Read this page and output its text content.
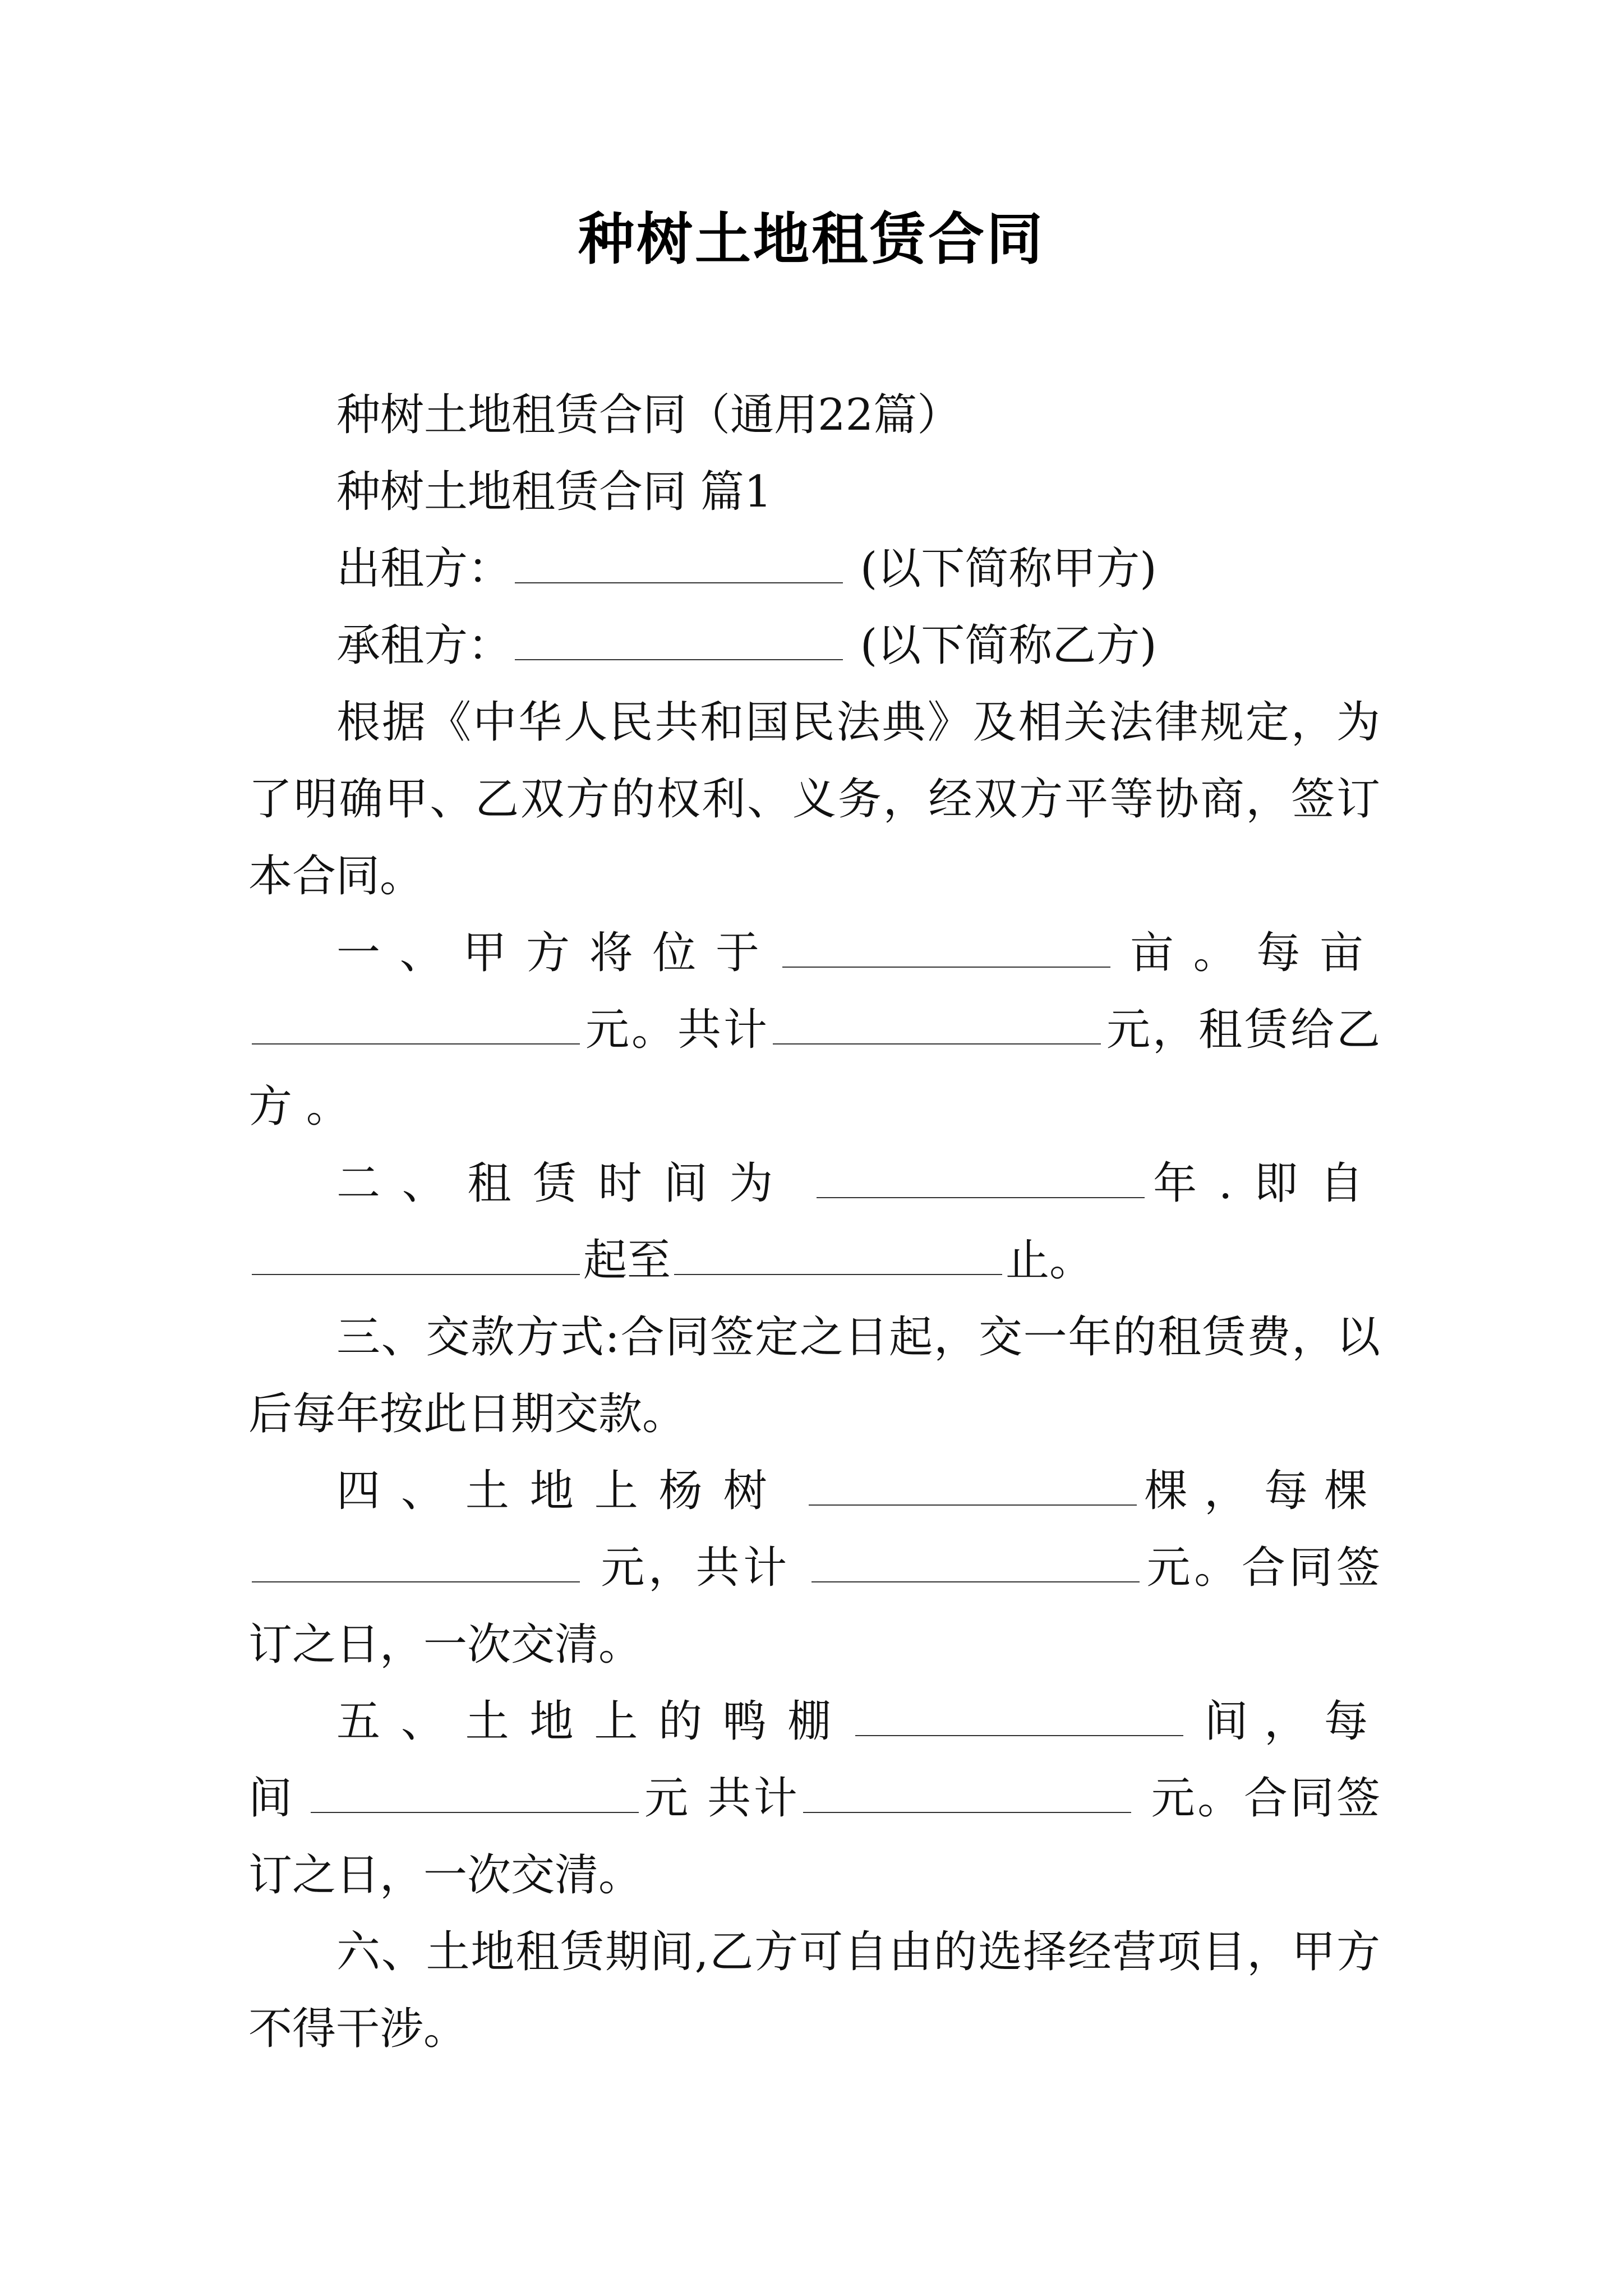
种树土地租赁合同

种树土地租赁合同（通用22篇）

种树土地租赁合同 篇1

出租方：	(以下简称甲方)

承租方：	(以下简称乙方)

根据《中华人民共和国民法典》及相关法律规定，为了明确甲、乙双方的权利、义务，经双方平等协商，签订本合同。

一、甲方将位于	亩。每亩元。共计	元，租赁给乙方 。

二、租赁时间为	年.即自起至	止。

三、交款方式:合同签定之日起，交一年的租赁费，以后每年按此日期交款。

四、土地上杨树	棵，每棵 元，共计	元。合同签订之日，一次交清。

五、土地上的鸭棚	间，每间	元 共计	元。合同签订之日，一次交清。

六、土地租赁期间,乙方可自由的选择经营项目，甲方不得干涉。
